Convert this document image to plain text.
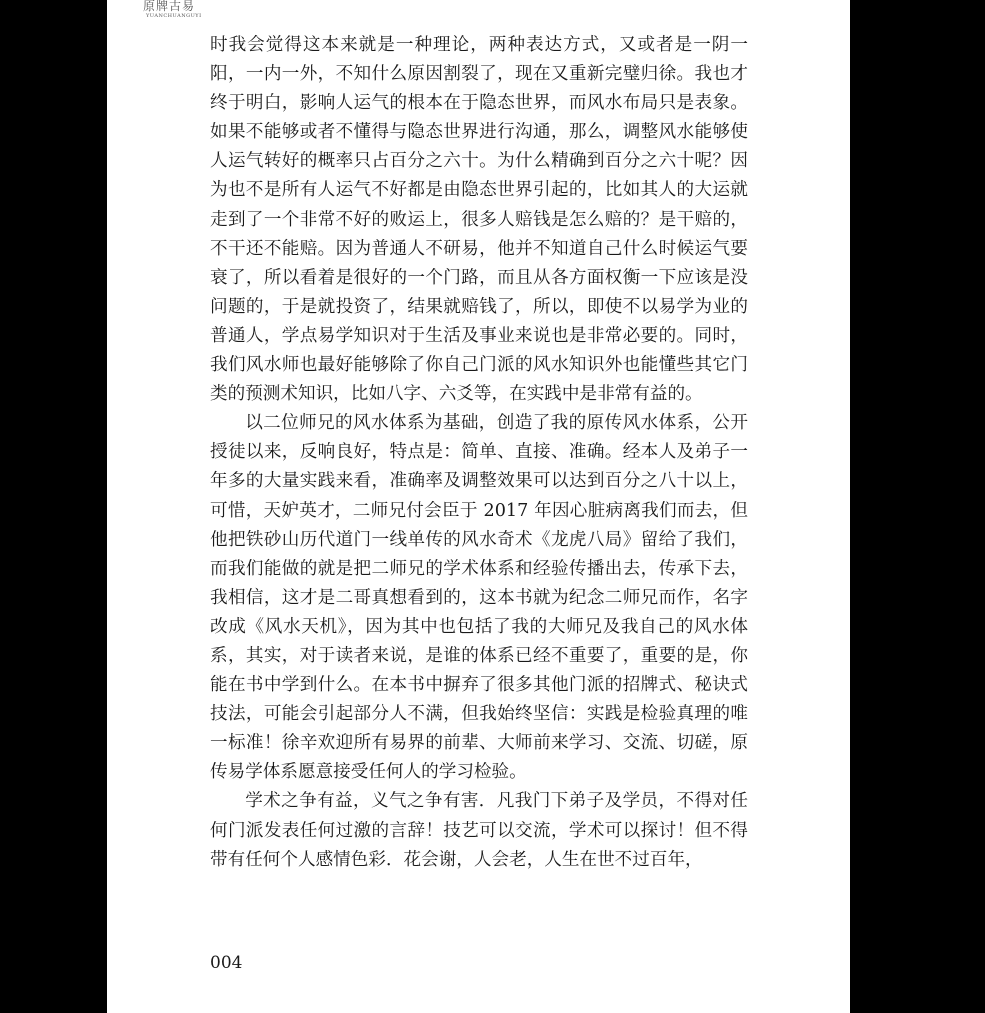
原牌古易
YUANCHUANGUYI

时我会觉得这本来就是一种理论，两种表达方式，又或者是一阴一阳，一内一外，不知什么原因割裂了，现在又重新完璧归徐。我也才终于明白，影响人运气的根本在于隐态世界，而风水布局只是表象。如果不能够或者不懂得与隐态世界进行沟通，那么，调整风水能够使人运气转好的概率只占百分之六十。为什么精确到百分之六十呢？因为也不是所有人运气不好都是由隐态世界引起的，比如其人的大运就走到了一个非常不好的败运上，很多人赔钱是怎么赔的？是干赔的，不干还不能赔。因为普通人不研易，他并不知道自己什么时候运气要衰了，所以看着是很好的一个门路，而且从各方面权衡一下应该是没问题的，于是就投资了，结果就赔钱了，所以，即使不以易学为业的普通人，学点易学知识对于生活及事业来说也是非常必要的。同时，我们风水师也最好能够除了你自己门派的风水知识外也能懂些其它门类的预测术知识，比如八字、六爻等，在实践中是非常有益的。

以二位师兄的风水体系为基础，创造了我的原传风水体系，公开授徒以来，反响良好，特点是：简单、直接、准确。经本人及弟子一年多的大量实践来看，准确率及调整效果可以达到百分之八十以上，可惜，天妒英才，二师兄付会臣于 2017 年因心脏病离我们而去，但他把铁砂山历代道门一线单传的风水奇术《龙虎八局》留给了我们，而我们能做的就是把二师兄的学术体系和经验传播出去，传承下去，我相信，这才是二哥真想看到的，这本书就为纪念二师兄而作，名字改成《风水天机》，因为其中也包括了我的大师兄及我自己的风水体系，其实，对于读者来说，是谁的体系已经不重要了，重要的是，你能在书中学到什么。在本书中摒弃了很多其他门派的招牌式、秘诀式技法，可能会引起部分人不满，但我始终坚信：实践是检验真理的唯一标准！徐辛欢迎所有易界的前辈、大师前来学习、交流、切磋，原传易学体系愿意接受任何人的学习检验。

学术之争有益，义气之争有害．凡我门下弟子及学员，不得对任何门派发表任何过激的言辞！技艺可以交流，学术可以探讨！但不得带有任何个人感情色彩．花会谢，人会老，人生在世不过百年，

004
